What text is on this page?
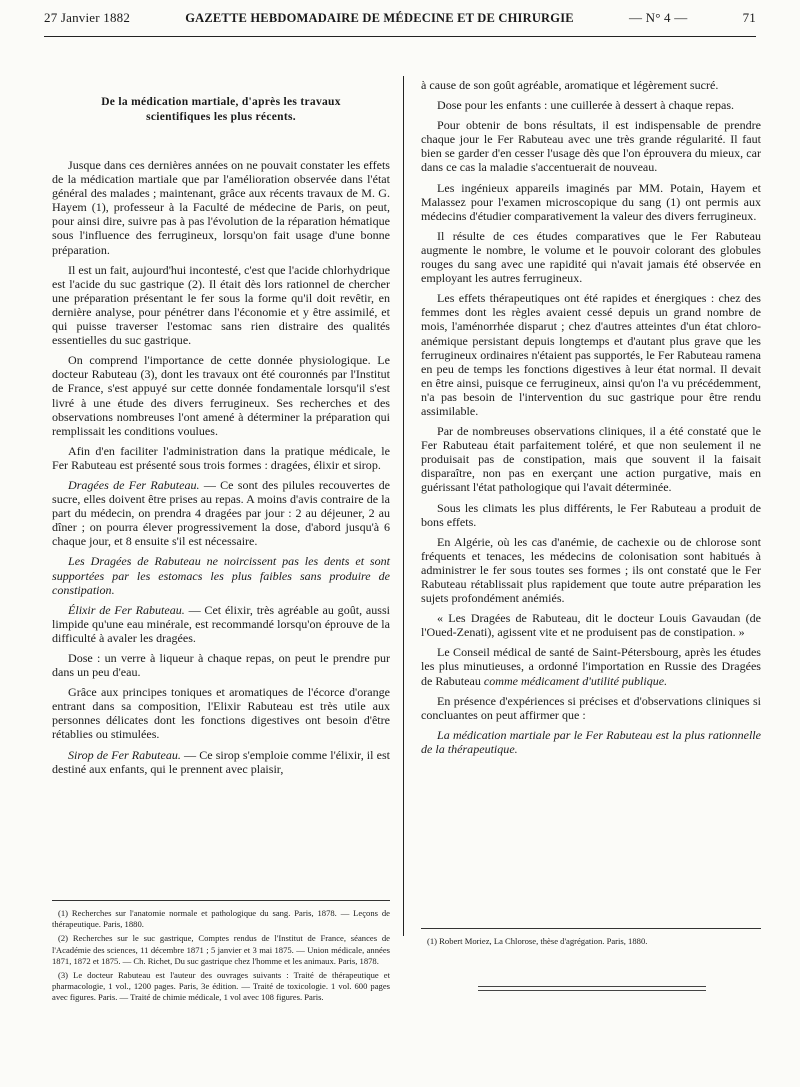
27 Janvier 1882	GAZETTE HEBDOMADAIRE DE MÉDECINE ET DE CHIRURGIE	— N° 4 —	71
De la médication martiale, d'après les travaux
scientifiques les plus récents.

Jusque dans ces dernières années on ne pouvait constater les effets de la médication martiale que par l'amélioration observée dans l'état général des malades ; maintenant, grâce aux récents travaux de M. G. Hayem (1), professeur à la Faculté de médecine de Paris, on peut, pour ainsi dire, suivre pas à pas l'évolution de la réparation hématique sous l'influence des ferrugineux, lorsqu'on fait usage d'une bonne préparation.

Il est un fait, aujourd'hui incontesté, c'est que l'acide chlorhydrique est l'acide du suc gastrique (2). Il était dès lors rationnel de chercher une préparation présentant le fer sous la forme qu'il doit revêtir, en dernière analyse, pour pénétrer dans l'économie et y être assimilé, et qui puisse traverser l'estomac sans rien distraire des qualités essentielles du suc gastrique.

On comprend l'importance de cette donnée physiologique. Le docteur Rabuteau (3), dont les travaux ont été couronnés par l'Institut de France, s'est appuyé sur cette donnée fondamentale lorsqu'il s'est livré à une étude des divers ferrugineux. Ses recherches et des observations nombreuses l'ont amené à déterminer la préparation qui remplissait les conditions voulues.

Afin d'en faciliter l'administration dans la pratique médicale, le Fer Rabuteau est présenté sous trois formes : dragées, élixir et sirop.

Dragées de Fer Rabuteau. — Ce sont des pilules recouvertes de sucre, elles doivent être prises au repas. A moins d'avis contraire de la part du médecin, on prendra 4 dragées par jour : 2 au déjeuner, 2 au dîner ; on pourra élever progressivement la dose, d'abord jusqu'à 6 chaque jour, et 8 ensuite s'il est nécessaire.

Les Dragées de Rabuteau ne noircissent pas les dents et sont supportées par les estomacs les plus faibles sans produire de constipation.

Élixir de Fer Rabuteau. — Cet élixir, très agréable au goût, aussi limpide qu'une eau minérale, est recommandé lorsqu'on éprouve de la difficulté à avaler les dragées.

Dose : un verre à liqueur à chaque repas, on peut le prendre pur dans un peu d'eau.

Grâce aux principes toniques et aromatiques de l'écorce d'orange entrant dans sa composition, l'Elixir Rabuteau est très utile aux personnes délicates dont les fonctions digestives ont besoin d'être rétablies ou stimulées.

Sirop de Fer Rabuteau. — Ce sirop s'emploie comme l'élixir, il est destiné aux enfants, qui le prennent avec plaisir,

(1) Recherches sur l'anatomie normale et pathologique du sang. Paris, 1878. — Leçons de thérapeutique. Paris, 1880.

(2) Recherches sur le suc gastrique, Comptes rendus de l'Institut de France, séances de l'Académie des sciences, 11 décembre 1871 ; 5 janvier et 3 mai 1875. — Union médicale, années 1871, 1872 et 1875. — Ch. Richet, Du suc gastrique chez l'homme et les animaux. Paris, 1878.

(3) Le docteur Rabuteau est l'auteur des ouvrages suivants : Traité de thérapeutique et pharmacologie, 1 vol., 1200 pages. Paris, 3e édition. — Traité de toxicologie. 1 vol. 600 pages avec figures. Paris. — Traité de chimie médicale, 1 vol avec 108 figures. Paris.

à cause de son goût agréable, aromatique et légèrement sucré.

Dose pour les enfants : une cuillerée à dessert à chaque repas.

Pour obtenir de bons résultats, il est indispensable de prendre chaque jour le Fer Rabuteau avec une très grande régularité. Il faut bien se garder d'en cesser l'usage dès que l'on éprouvera du mieux, car dans ce cas la maladie s'accentuerait de nouveau.

Les ingénieux appareils imaginés par MM. Potain, Hayem et Malassez pour l'examen microscopique du sang (1) ont permis aux médecins d'étudier comparativement la valeur des divers ferrugineux.

Il résulte de ces études comparatives que le Fer Rabuteau augmente le nombre, le volume et le pouvoir colorant des globules rouges du sang avec une rapidité qui n'avait jamais été observée en employant les autres ferrugineux.

Les effets thérapeutiques ont été rapides et énergiques : chez des femmes dont les règles avaient cessé depuis un grand nombre de mois, l'aménorrhée disparut ; chez d'autres atteintes d'un état chloro-anémique persistant depuis longtemps et d'autant plus grave que les ferrugineux ordinaires n'étaient pas supportés, le Fer Rabuteau ramena en peu de temps les fonctions digestives à leur état normal. Il devait en être ainsi, puisque ce ferrugineux, ainsi qu'on l'a vu précédemment, n'a pas besoin de l'intervention du suc gastrique pour être rendu assimilable.

Par de nombreuses observations cliniques, il a été constaté que le Fer Rabuteau était parfaitement toléré, et que non seulement il ne produisait pas de constipation, mais que souvent il la faisait disparaître, non pas en exerçant une action purgative, mais en guérissant l'état pathologique qui l'avait déterminée.

Sous les climats les plus différents, le Fer Rabuteau a produit de bons effets.

En Algérie, où les cas d'anémie, de cachexie ou de chlorose sont fréquents et tenaces, les médecins de colonisation sont habitués à administrer le fer sous toutes ses formes ; ils ont constaté que le Fer Rabuteau rétablissait plus rapidement que toute autre préparation les sujets profondément anémiés.

« Les Dragées de Rabuteau, dit le docteur Louis Gavaudan (de l'Oued-Zenati), agissent vite et ne produisent pas de constipation. »

Le Conseil médical de santé de Saint-Pétersbourg, après les études les plus minutieuses, a ordonné l'importation en Russie des Dragées de Rabuteau comme médicament d'utilité publique.

En présence d'expériences si précises et d'observations cliniques si concluantes on peut affirmer que :

La médication martiale par le Fer Rabuteau est la plus rationnelle de la thérapeutique.

(1) Robert Moriez, La Chlorose, thèse d'agrégation. Paris, 1880.
